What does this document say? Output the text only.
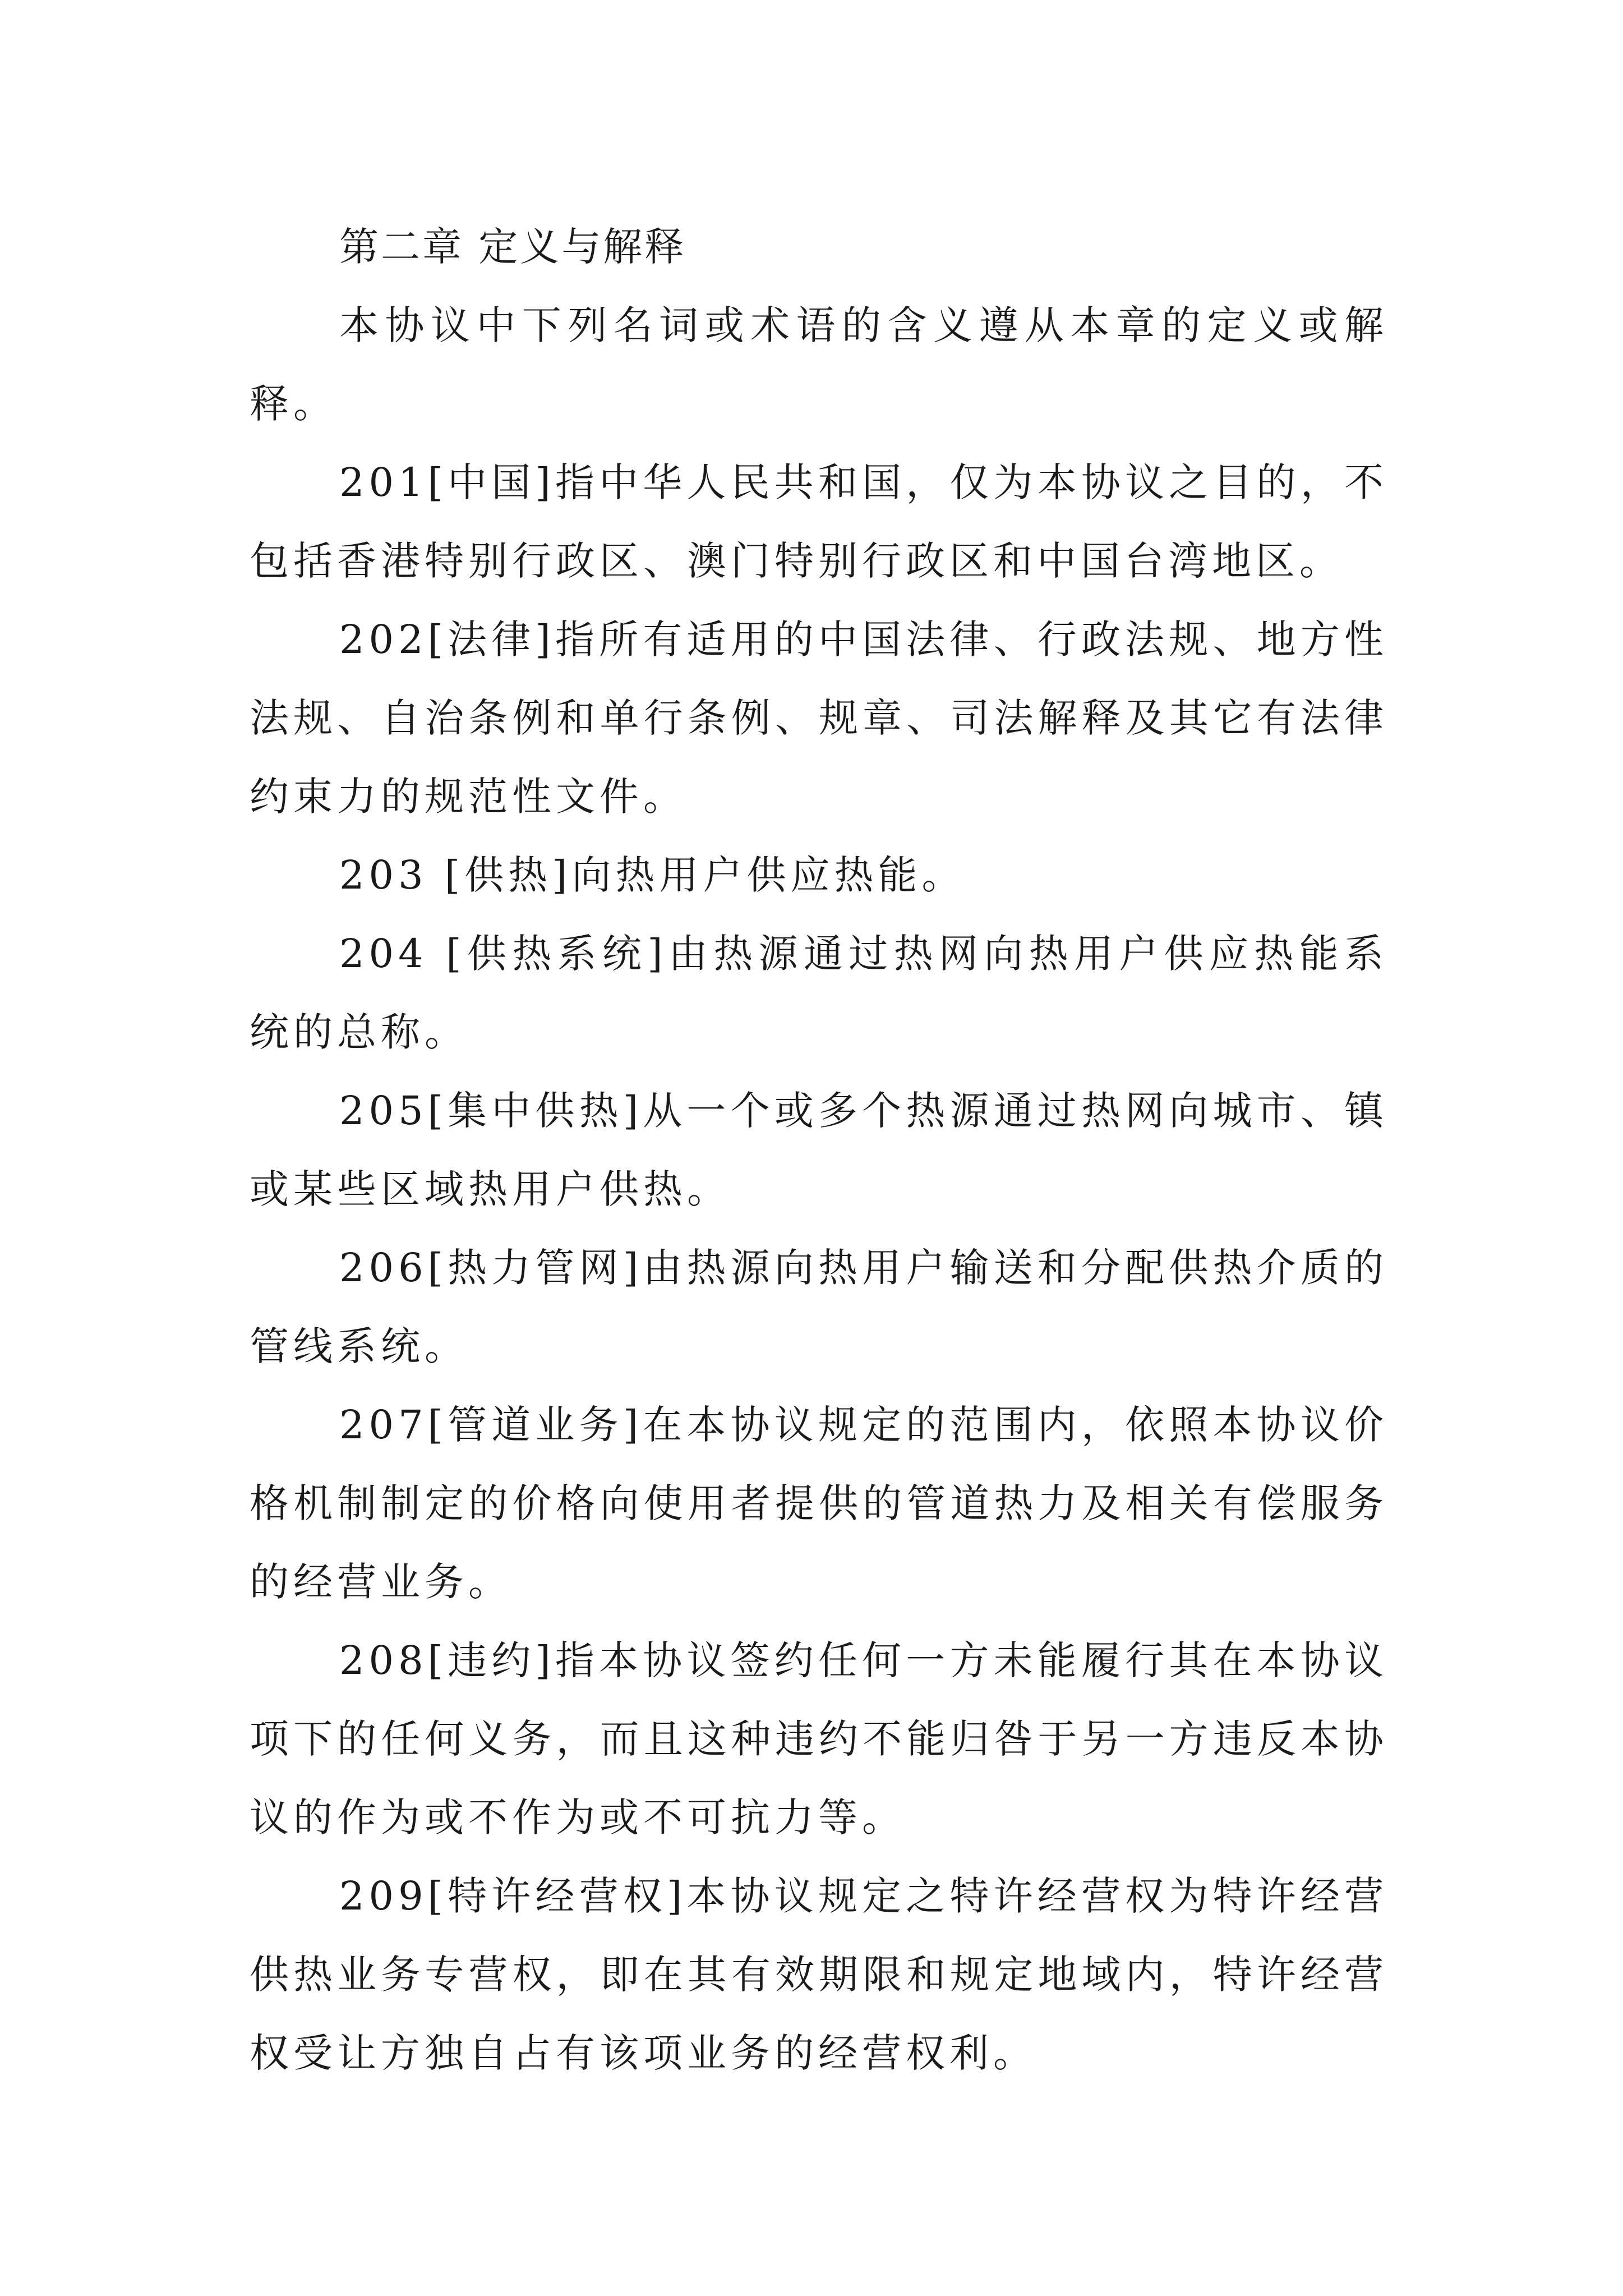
第二章 定义与解释

本协议中下列名词或术语的含义遵从本章的定义或解释。

201[中国]指中华人民共和国，仅为本协议之目的，不包括香港特别行政区、澳门特别行政区和中国台湾地区。

202[法律]指所有适用的中国法律、行政法规、地方性法规、自治条例和单行条例、规章、司法解释及其它有法律约束力的规范性文件。

203 [供热]向热用户供应热能。

204 [供热系统]由热源通过热网向热用户供应热能系统的总称。

205[集中供热]从一个或多个热源通过热网向城市、镇或某些区域热用户供热。

206[热力管网]由热源向热用户输送和分配供热介质的管线系统。

207[管道业务]在本协议规定的范围内，依照本协议价格机制制定的价格向使用者提供的管道热力及相关有偿服务的经营业务。

208[违约]指本协议签约任何一方未能履行其在本协议项下的任何义务，而且这种违约不能归咎于另一方违反本协议的作为或不作为或不可抗力等。

209[特许经营权]本协议规定之特许经营权为特许经营供热业务专营权，即在其有效期限和规定地域内，特许经营权受让方独自占有该项业务的经营权利。
